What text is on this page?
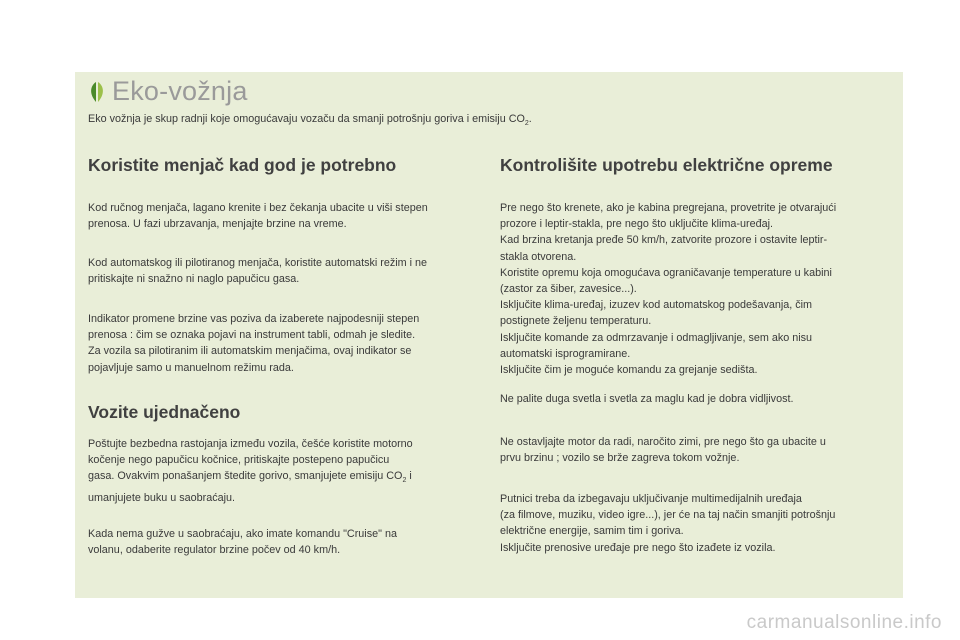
Eko-vožnja
Eko vožnja je skup radnji koje omogućavaju vozaču da smanji potrošnju goriva i emisiju $CO_2$.
Koristite menjač kad god je potrebno

Kod ručnog menjača, lagano krenite i bez čekanja ubacite u viši stepen
prenosa. U fazi ubrzavanja, menjajte brzine na vreme.

Kod automatskog ili pilotiranog menjača, koristite automatski režim i ne
pritiskajte ni snažno ni naglo papučicu gasa.

Indikator promene brzine vas poziva da izaberete najpodesniji stepen
prenosa : čim se oznaka pojavi na instrument tabli, odmah je sledite.
Za vozila sa pilotiranim ili automatskim menjačima, ovaj indikator se
pojavljuje samo u manuelnom režimu rada.

Vozite ujednačeno

Poštujte bezbedna rastojanja između vozila, češće koristite motorno
kočenje nego papučicu kočnice, pritiskajte postepeno papučicu
gasa. Ovakvim ponašanjem štedite gorivo, smanjujete emisiju $CO_2$ i
umanjujete buku u saobraćaju.

Kada nema gužve u saobraćaju, ako imate komandu "Cruise" na
volanu, odaberite regulator brzine počev od 40 km/h.

Kontrolišite upotrebu električne opreme

Pre nego što krenete, ako je kabina pregrejana, provetrite je otvarajući
prozore i leptir-stakla, pre nego što uključite klima-uređaj.
Kad brzina kretanja pređe 50 km/h, zatvorite prozore i ostavite leptir-
stakla otvorena.
Koristite opremu koja omogućava ograničavanje temperature u kabini
(zastor za šiber, zavesice...).
Isključite klima-uređaj, izuzev kod automatskog podešavanja, čim
postignete željenu temperaturu.
Isključite komande za odmrzavanje i odmagljivanje, sem ako nisu
automatski isprogramirane.
Isključite čim je moguće komandu za grejanje sedišta.

Ne palite duga svetla i svetla za maglu kad je dobra vidljivost.

Ne ostavljajte motor da radi, naročito zimi, pre nego što ga ubacite u
prvu brzinu ; vozilo se brže zagreva tokom vožnje.

Putnici treba da izbegavaju uključivanje multimedijalnih uređaja
(za filmove, muziku, video igre...), jer će na taj način smanjiti potrošnju
električne energije, samim tim i goriva.
Isključite prenosive uređaje pre nego što izađete iz vozila.

carmanualsonline.info
